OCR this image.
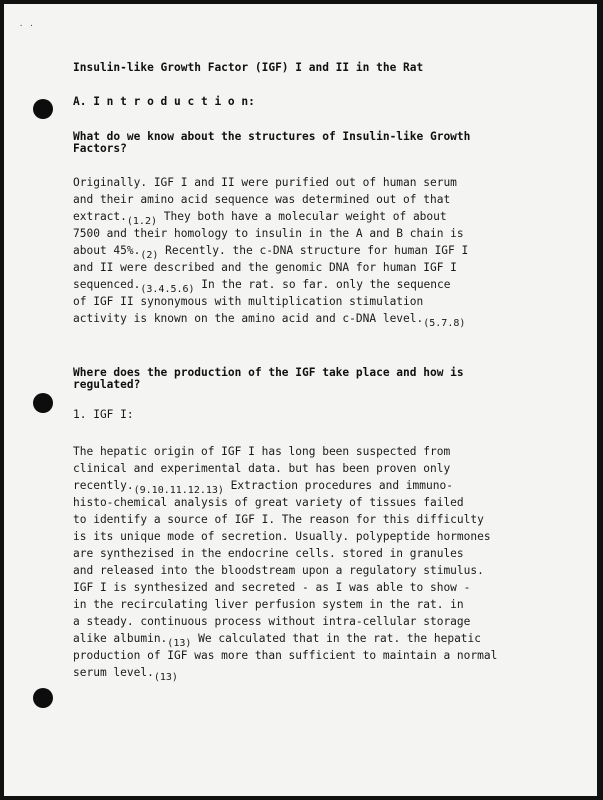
· ·
Insulin-like Growth Factor (IGF) I and II in the Rat
A. I n t r o d u c t i o n:
What do we know about the structures of Insulin-like Growth
Factors?
Originally. IGF I and II were purified out of human serum
and their amino acid sequence was determined out of that
$extract._{(1.2)}$ They both have a molecular weight of about
7500 and their homology to insulin in the A and B chain is
about $45\%._{(2)}$ Recently. the c-DNA structure for human IGF I
and II were described and the genomic DNA for human IGF I
$sequenced._{(3.4.5.6)}$ In the rat. so far. only the sequence
of IGF II synonymous with multiplication stimulation
activity is known on the amino acid and c-DNA $level._{(5.7.8)}$
Where does the production of the IGF take place and how is
regulated?
1. IGF I:
The hepatic origin of IGF I has long been suspected from
clinical and experimental data. but has been proven only
$recently._{(9.10.11.12.13)}$ Extraction procedures and immuno-
histo-chemical analysis of great variety of tissues failed
to identify a source of IGF I. The reason for this difficulty
is its unique mode of secretion. Usually. polypeptide hormones
are synthezised in the endocrine cells. stored in granules
and released into the bloodstream upon a regulatory stimulus.
IGF I is synthesized and secreted - as I was able to show -
in the recirculating liver perfusion system in the rat. in
a steady. continuous process without intra-cellular storage
alike $albumin._{(13)}$ We calculated that in the rat. the hepatic
production of IGF was more than sufficient to maintain a normal
serum $level._{(13)}$
